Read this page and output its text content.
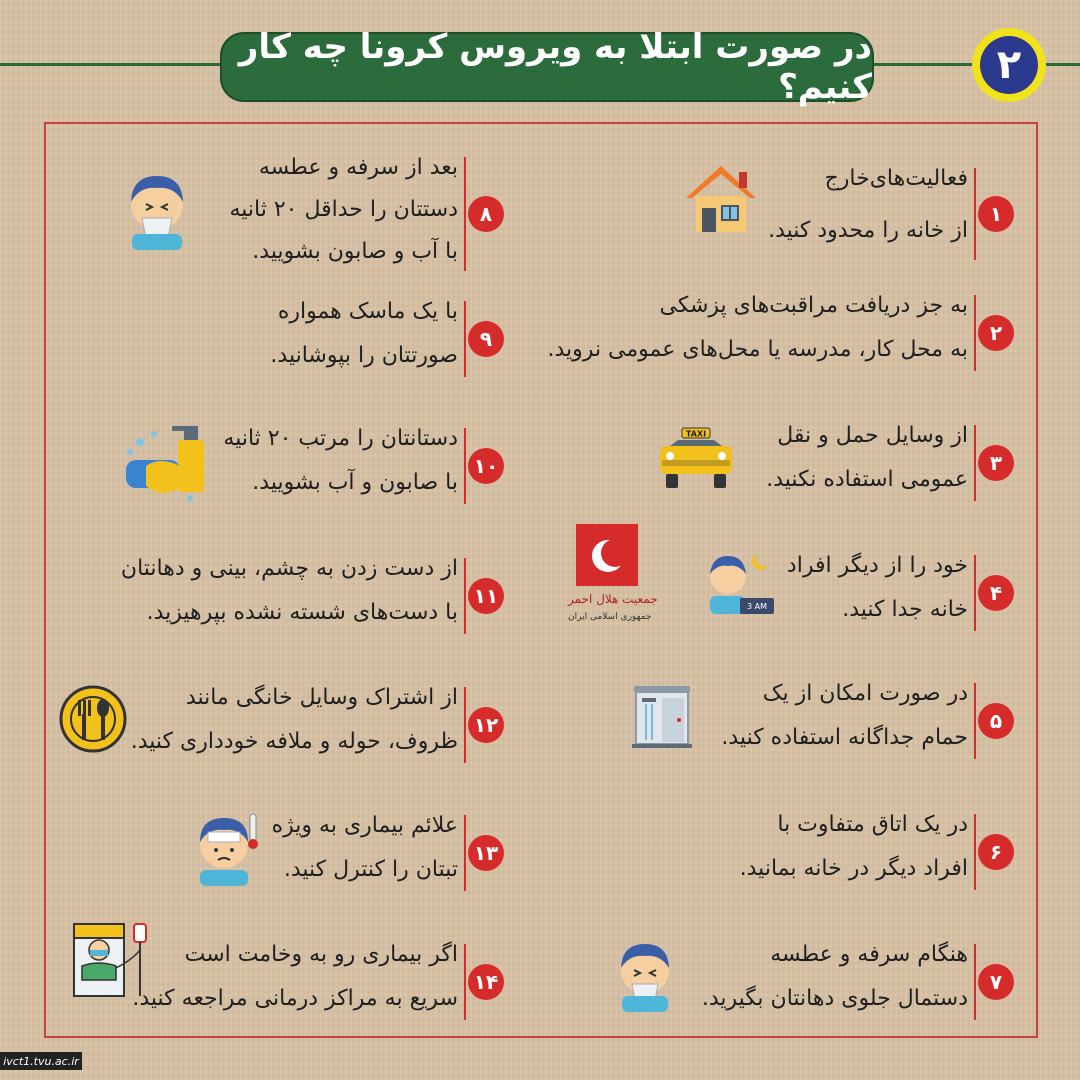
در صورت ابتلا به ویروس کرونا چه کار کنیم؟	۲
۱
فعالیت‌های‌خارج
از خانه را محدود کنید.
۲
به جز دریافت مراقبت‌های پزشکی
به محل کار، مدرسه یا محل‌های عمومی نروید.
۳
از وسایل حمل و نقل
عمومی استفاده نکنید.
۴
خود را از دیگر افراد
خانه جدا کنید.
۵
در صورت امکان از یک
حمام جداگانه استفاده کنید.
۶
در یک اتاق متفاوت با
افراد دیگر در خانه بمانید.
۷
هنگام سرفه و عطسه
دستمال جلوی دهانتان بگیرید.
۸
بعد از سرفه و عطسه
دستتان را حداقل ۲۰ ثانیه
با آب و صابون بشویید.
۹
با یک ماسک همواره
صورتتان را بپوشانید.
۱۰
دستانتان را مرتب ۲۰ ثانیه
با صابون و آب بشویید.
۱۱
از دست زدن به چشم، بینی و دهانتان
با دست‌های شسته نشده بپرهیزید.
۱۲
از اشتراک وسایل خانگی مانند
ظروف، حوله و ملافه خودداری کنید.
۱۳
علائم بیماری به ویژه
تبتان را کنترل کنید.
۱۴
اگر بیماری رو به وخامت است
سریع به مراکز درمانی مراجعه کنید.
TAXI
3 AM
جمعیت هلال احمر
جمهوری اسلامی ایران
ivct1.tvu.ac.ir
